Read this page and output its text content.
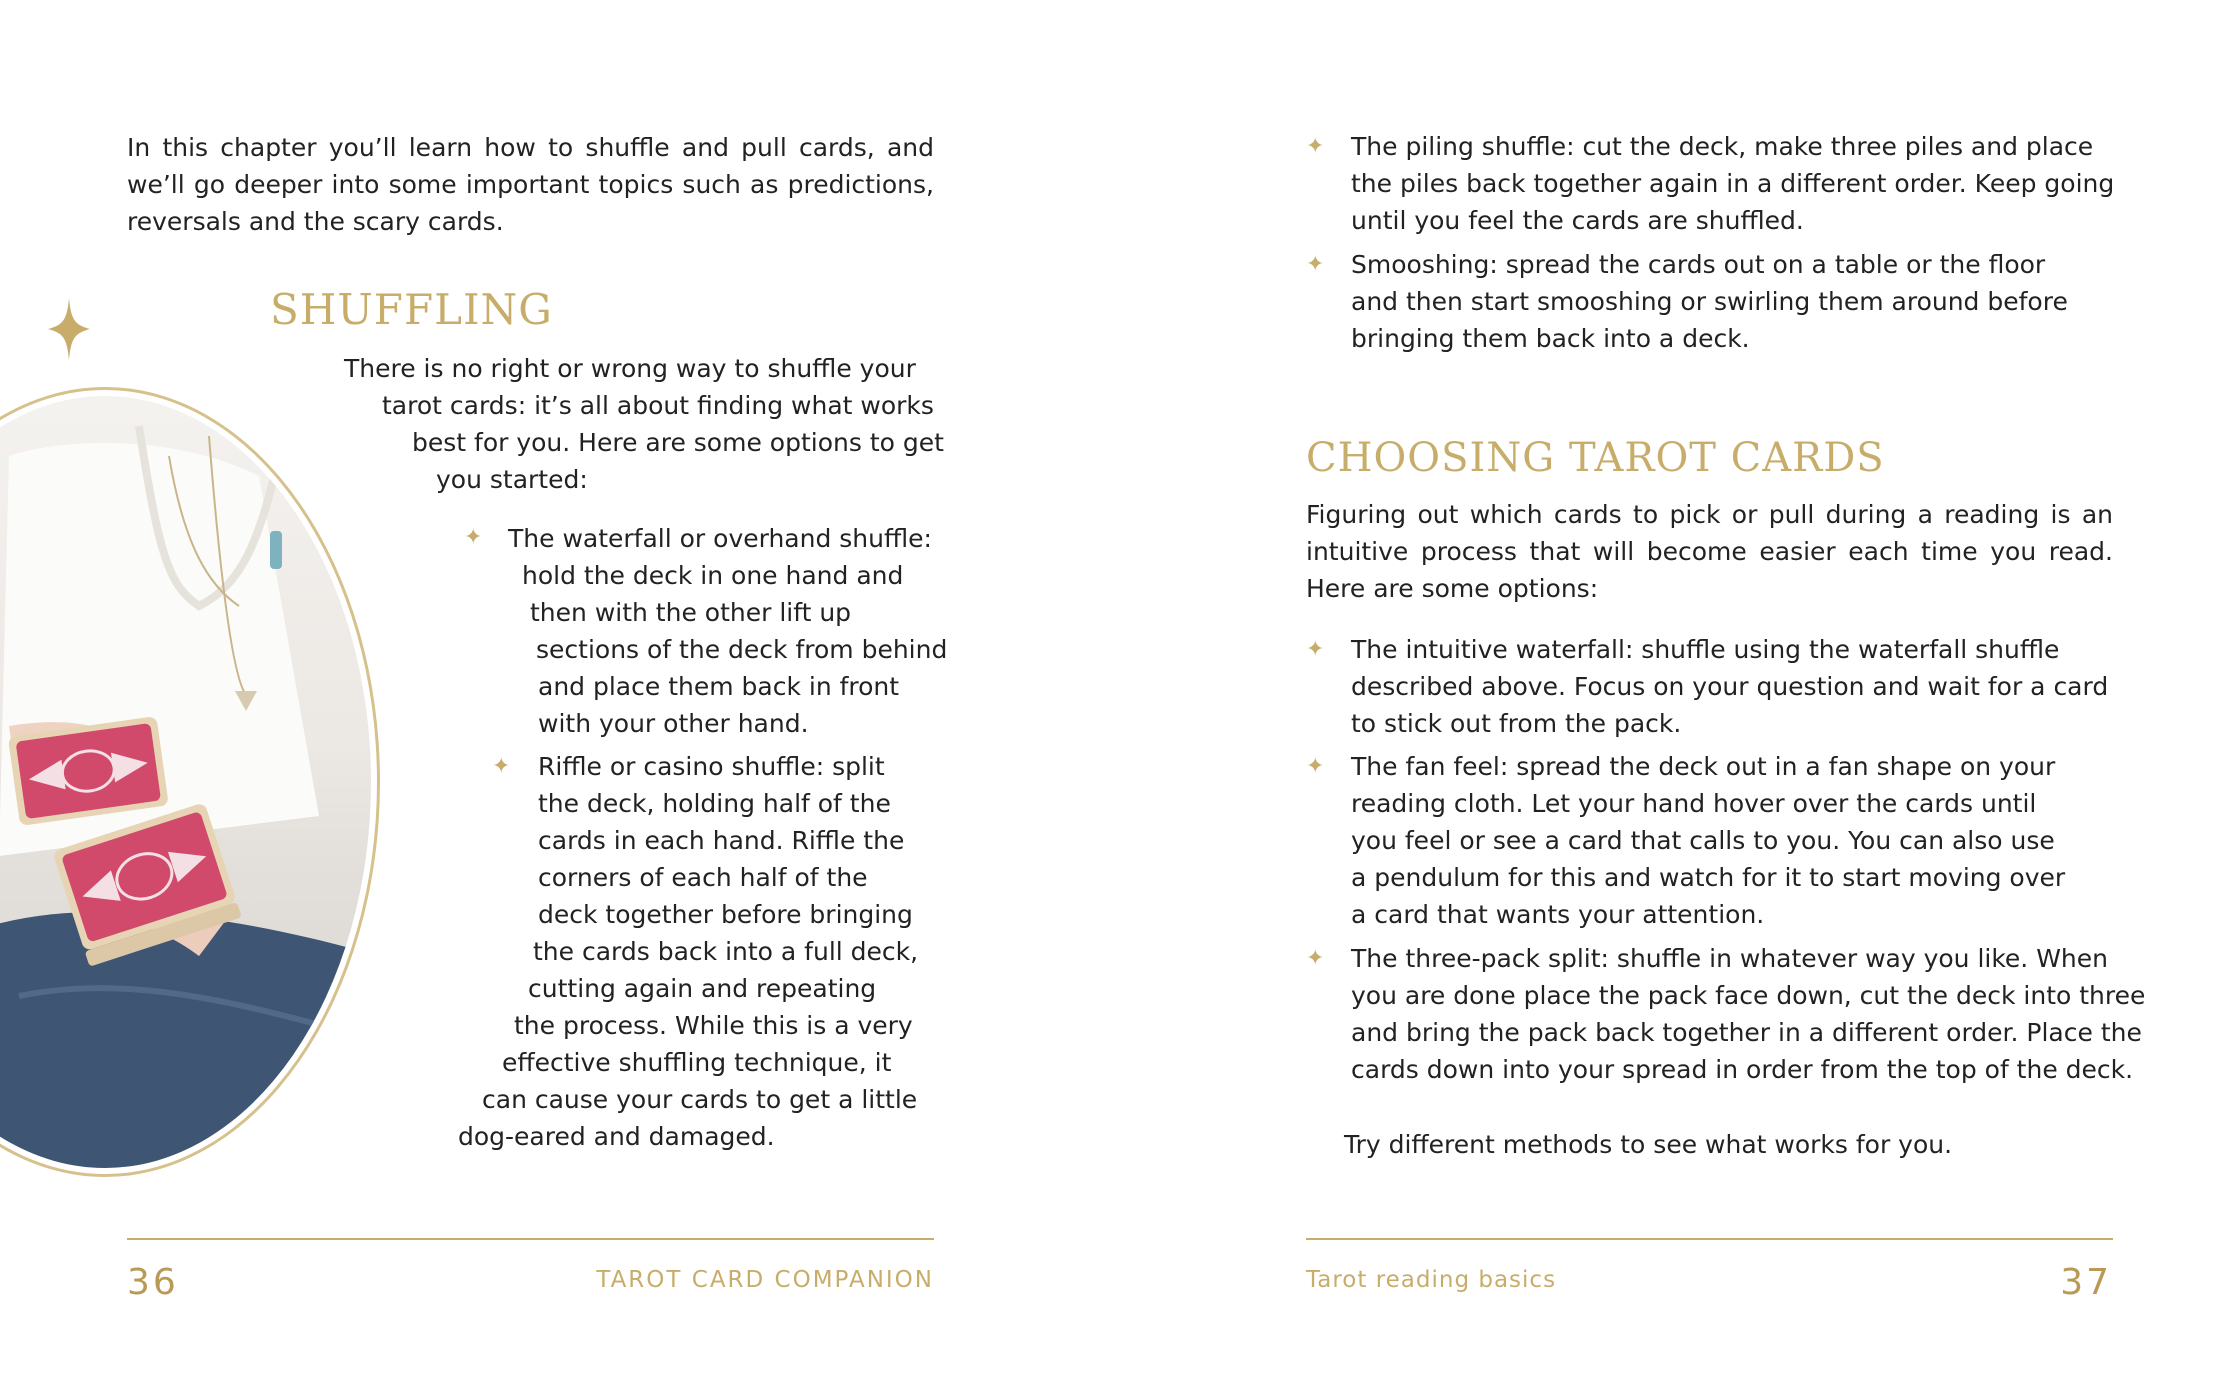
In this chapter you’ll learn how to shuffle and pull cards, and we’ll go deeper into some important topics such as predictions, reversals and the scary cards.

SHUFFLING
There is no right or wrong way to shuffle your
tarot cards: it’s all about finding what works
best for you. Here are some options to get
you started:
✦ The waterfall or overhand shuffle:
hold the deck in one hand and
then with the other lift up
sections of the deck from behind
and place them back in front
with your other hand.
✦ Riffle or casino shuffle: split
the deck, holding half of the
cards in each hand. Riffle the
corners of each half of the
deck together before bringing
the cards back into a full deck,
cutting again and repeating
the process. While this is a very
effective shuffling technique, it
can cause your cards to get a little
dog-eared and damaged.
36	TAROT CARD COMPANION
✦ The piling shuffle: cut the deck, make three piles and place
the piles back together again in a different order. Keep going
until you feel the cards are shuffled.
✦ Smooshing: spread the cards out on a table or the floor
and then start smooshing or swirling them around before
bringing them back into a deck.
CHOOSING TAROT CARDS

Figuring out which cards to pick or pull during a reading is an intuitive process that will become easier each time you read. Here are some options:

✦ The intuitive waterfall: shuffle using the waterfall shuffle
described above. Focus on your question and wait for a card
to stick out from the pack.
✦ The fan feel: spread the deck out in a fan shape on your
reading cloth. Let your hand hover over the cards until
you feel or see a card that calls to you. You can also use
a pendulum for this and watch for it to start moving over
a card that wants your attention.
✦ The three-pack split: shuffle in whatever way you like. When
you are done place the pack face down, cut the deck into three
and bring the pack back together in a different order. Place the
cards down into your spread in order from the top of the deck.
Try different methods to see what works for you.
Tarot reading basics	37
